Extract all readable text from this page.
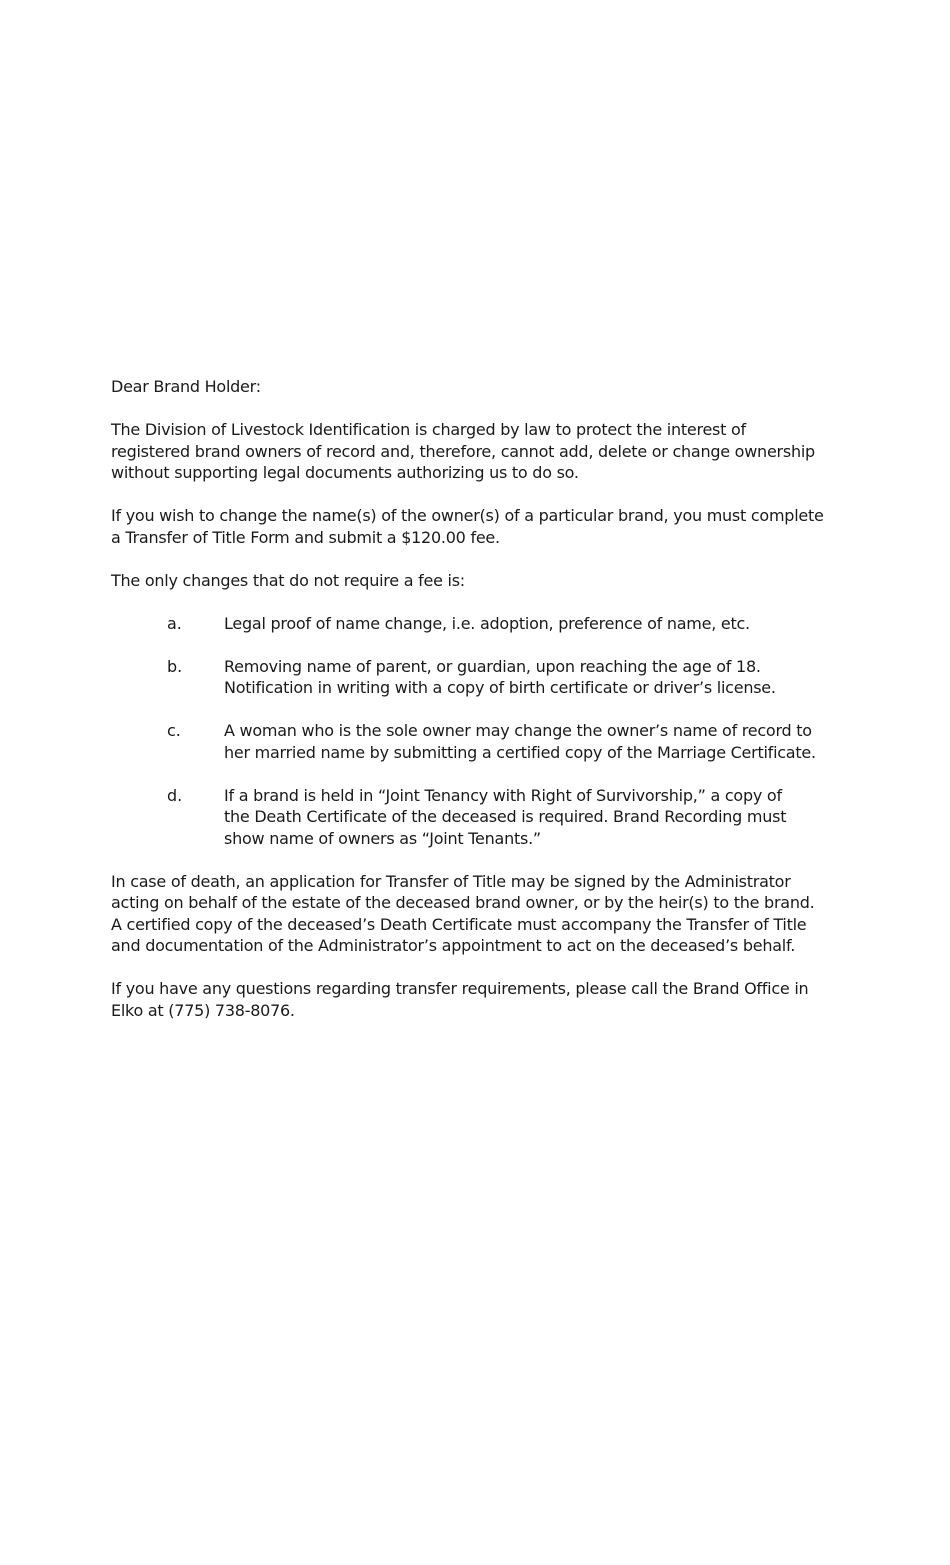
Dear Brand Holder:
The Division of Livestock Identification is charged by law to protect the interest of
registered brand owners of record and, therefore, cannot add, delete or change ownership
without supporting legal documents authorizing us to do so.
If you wish to change the name(s) of the owner(s) of a particular brand, you must complete
a Transfer of Title Form and submit a $120.00 fee.
The only changes that do not require a fee is:
a.	Legal proof of name change, i.e. adoption, preference of name, etc.
b.	Removing name of parent, or guardian, upon reaching the age of 18.
Notification in writing with a copy of birth certificate or driver’s license.
c.	A woman who is the sole owner may change the owner’s name of record to
her married name by submitting a certified copy of the Marriage Certificate.
d.	If a brand is held in “Joint Tenancy with Right of Survivorship,” a copy of
the Death Certificate of the deceased is required. Brand Recording must
show name of owners as “Joint Tenants.”
In case of death, an application for Transfer of Title may be signed by the Administrator
acting on behalf of the estate of the deceased brand owner, or by the heir(s) to the brand.
A certified copy of the deceased’s Death Certificate must accompany the Transfer of Title
and documentation of the Administrator’s appointment to act on the deceased’s behalf.
If you have any questions regarding transfer requirements, please call the Brand Office in
Elko at (775) 738-8076.
